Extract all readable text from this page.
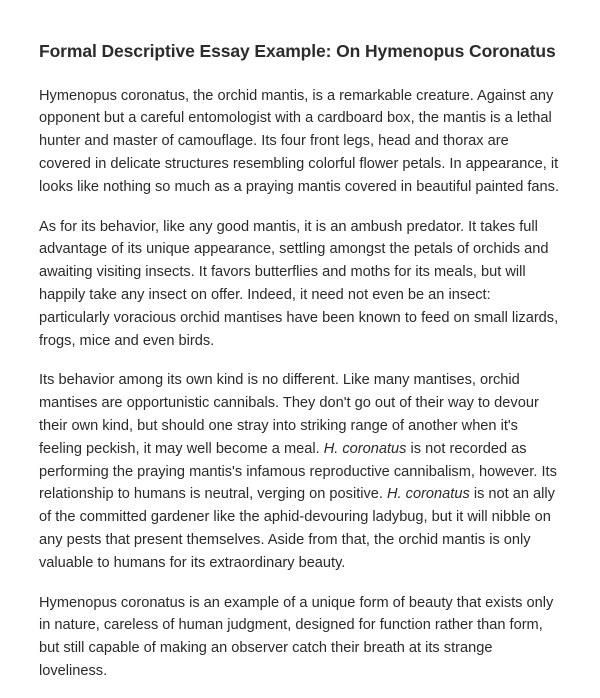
Formal Descriptive Essay Example: On Hymenopus Coronatus

Hymenopus coronatus, the orchid mantis, is a remarkable creature. Against any opponent but a careful entomologist with a cardboard box, the mantis is a lethal hunter and master of camouflage. Its four front legs, head and thorax are covered in delicate structures resembling colorful flower petals. In appearance, it looks like nothing so much as a praying mantis covered in beautiful painted fans.

As for its behavior, like any good mantis, it is an ambush predator. It takes full advantage of its unique appearance, settling amongst the petals of orchids and awaiting visiting insects. It favors butterflies and moths for its meals, but will happily take any insect on offer. Indeed, it need not even be an insect: particularly voracious orchid mantises have been known to feed on small lizards, frogs, mice and even birds.

Its behavior among its own kind is no different. Like many mantises, orchid mantises are opportunistic cannibals. They don't go out of their way to devour their own kind, but should one stray into striking range of another when it's feeling peckish, it may well become a meal. H. coronatus is not recorded as performing the praying mantis's infamous reproductive cannibalism, however. Its relationship to humans is neutral, verging on positive. H. coronatus is not an ally of the committed gardener like the aphid-devouring ladybug, but it will nibble on any pests that present themselves. Aside from that, the orchid mantis is only valuable to humans for its extraordinary beauty.

Hymenopus coronatus is an example of a unique form of beauty that exists only in nature, careless of human judgment, designed for function rather than form, but still capable of making an observer catch their breath at its strange loveliness.
